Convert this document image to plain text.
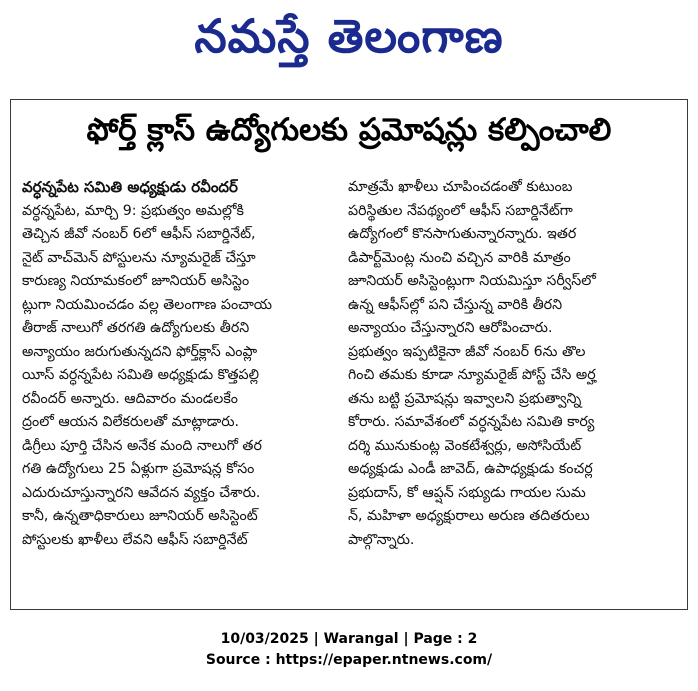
నమస్తే తెలంగాణ
ఫోర్త్ క్లాస్ ఉద్యోగులకు ప్రమోషన్లు కల్పించాలి
వర్ధన్నపేట సమితి అధ్యక్షుడు రవీందర్
వర్ధన్నపేట, మార్చి 9: ప్రభుత్వం అమల్లోకి
తెచ్చిన జీవో నంబర్ 6లో ఆఫీస్ సబార్డినేట్,
నైట్ వాచ్‌మెన్ పోస్టులను న్యూమరైజ్ చేస్తూ
కారుణ్య నియామకంలో జూనియర్ అసిస్టెం
ట్లుగా నియమించడం వల్ల తెలంగాణ పంచాయ
తీరాజ్ నాలుగో తరగతి ఉద్యోగులకు తీరని
అన్యాయం జరుగుతున్నదని ఫోర్త్‌క్లాస్ ఎంప్లా
యీస్ వర్ధన్నపేట సమితి అధ్యక్షుడు కొత్తపల్లి
రవీందర్ అన్నారు. ఆదివారం మండలకేం
ద్రంలో ఆయన విలేకరులతో మాట్లాడారు.
డిగ్రీలు పూర్తి చేసిన అనేక మంది నాలుగో తర
గతి ఉద్యోగులు 25 ఏళ్లుగా ప్రమోషన్ల కోసం
ఎదురుచూస్తున్నారని ఆవేదన వ్యక్తం చేశారు.
కానీ, ఉన్నతాధికారులు జూనియర్ అసిస్టెంట్
పోస్టులకు ఖాళీలు లేవని ఆఫీస్ సబార్డినేట్
మాత్రమే ఖాళీలు చూపించడంతో కుటుంబ
పరిస్థితుల నేపథ్యంలో ఆఫీస్ సబార్డినేట్‌గా
ఉద్యోగంలో కొనసాగుతున్నారన్నారు. ఇతర
డిపార్ట్‌మెంట్ల నుంచి వచ్చిన వారికి మాత్రం
జూనియర్ అసిస్టెంట్లుగా నియమిస్తూ సర్వీస్‌లో
ఉన్న ఆఫీస్‌ల్లో పని చేస్తున్న వారికి తీరని
అన్యాయం చేస్తున్నారని ఆరోపించారు.
ప్రభుత్వం ఇప్పటికైనా జీవో నంబర్ 6ను తొల
గించి తమకు కూడా న్యూమరైజ్ పోస్ట్ చేసి అర్హ
తను బట్టి ప్రమోషన్లు ఇవ్వాలని ప్రభుత్వాన్ని
కోరారు. సమావేశంలో వర్ధన్నపేట సమితి కార్య
దర్శి మునుకుంట్ల వెంకటేశ్వర్లు, అసోసియేట్
అధ్యక్షుడు ఎండీ జావెద్, ఉపాధ్యక్షుడు కంచర్ల
ప్రభుదాస్, కో ఆప్షన్ సభ్యుడు గాయల సుమ
న్, మహిళా అధ్యక్షురాలు అరుణ తదితరులు
పాల్గొన్నారు.
10/03/2025 | Warangal | Page : 2
Source : https://epaper.ntnews.com/
